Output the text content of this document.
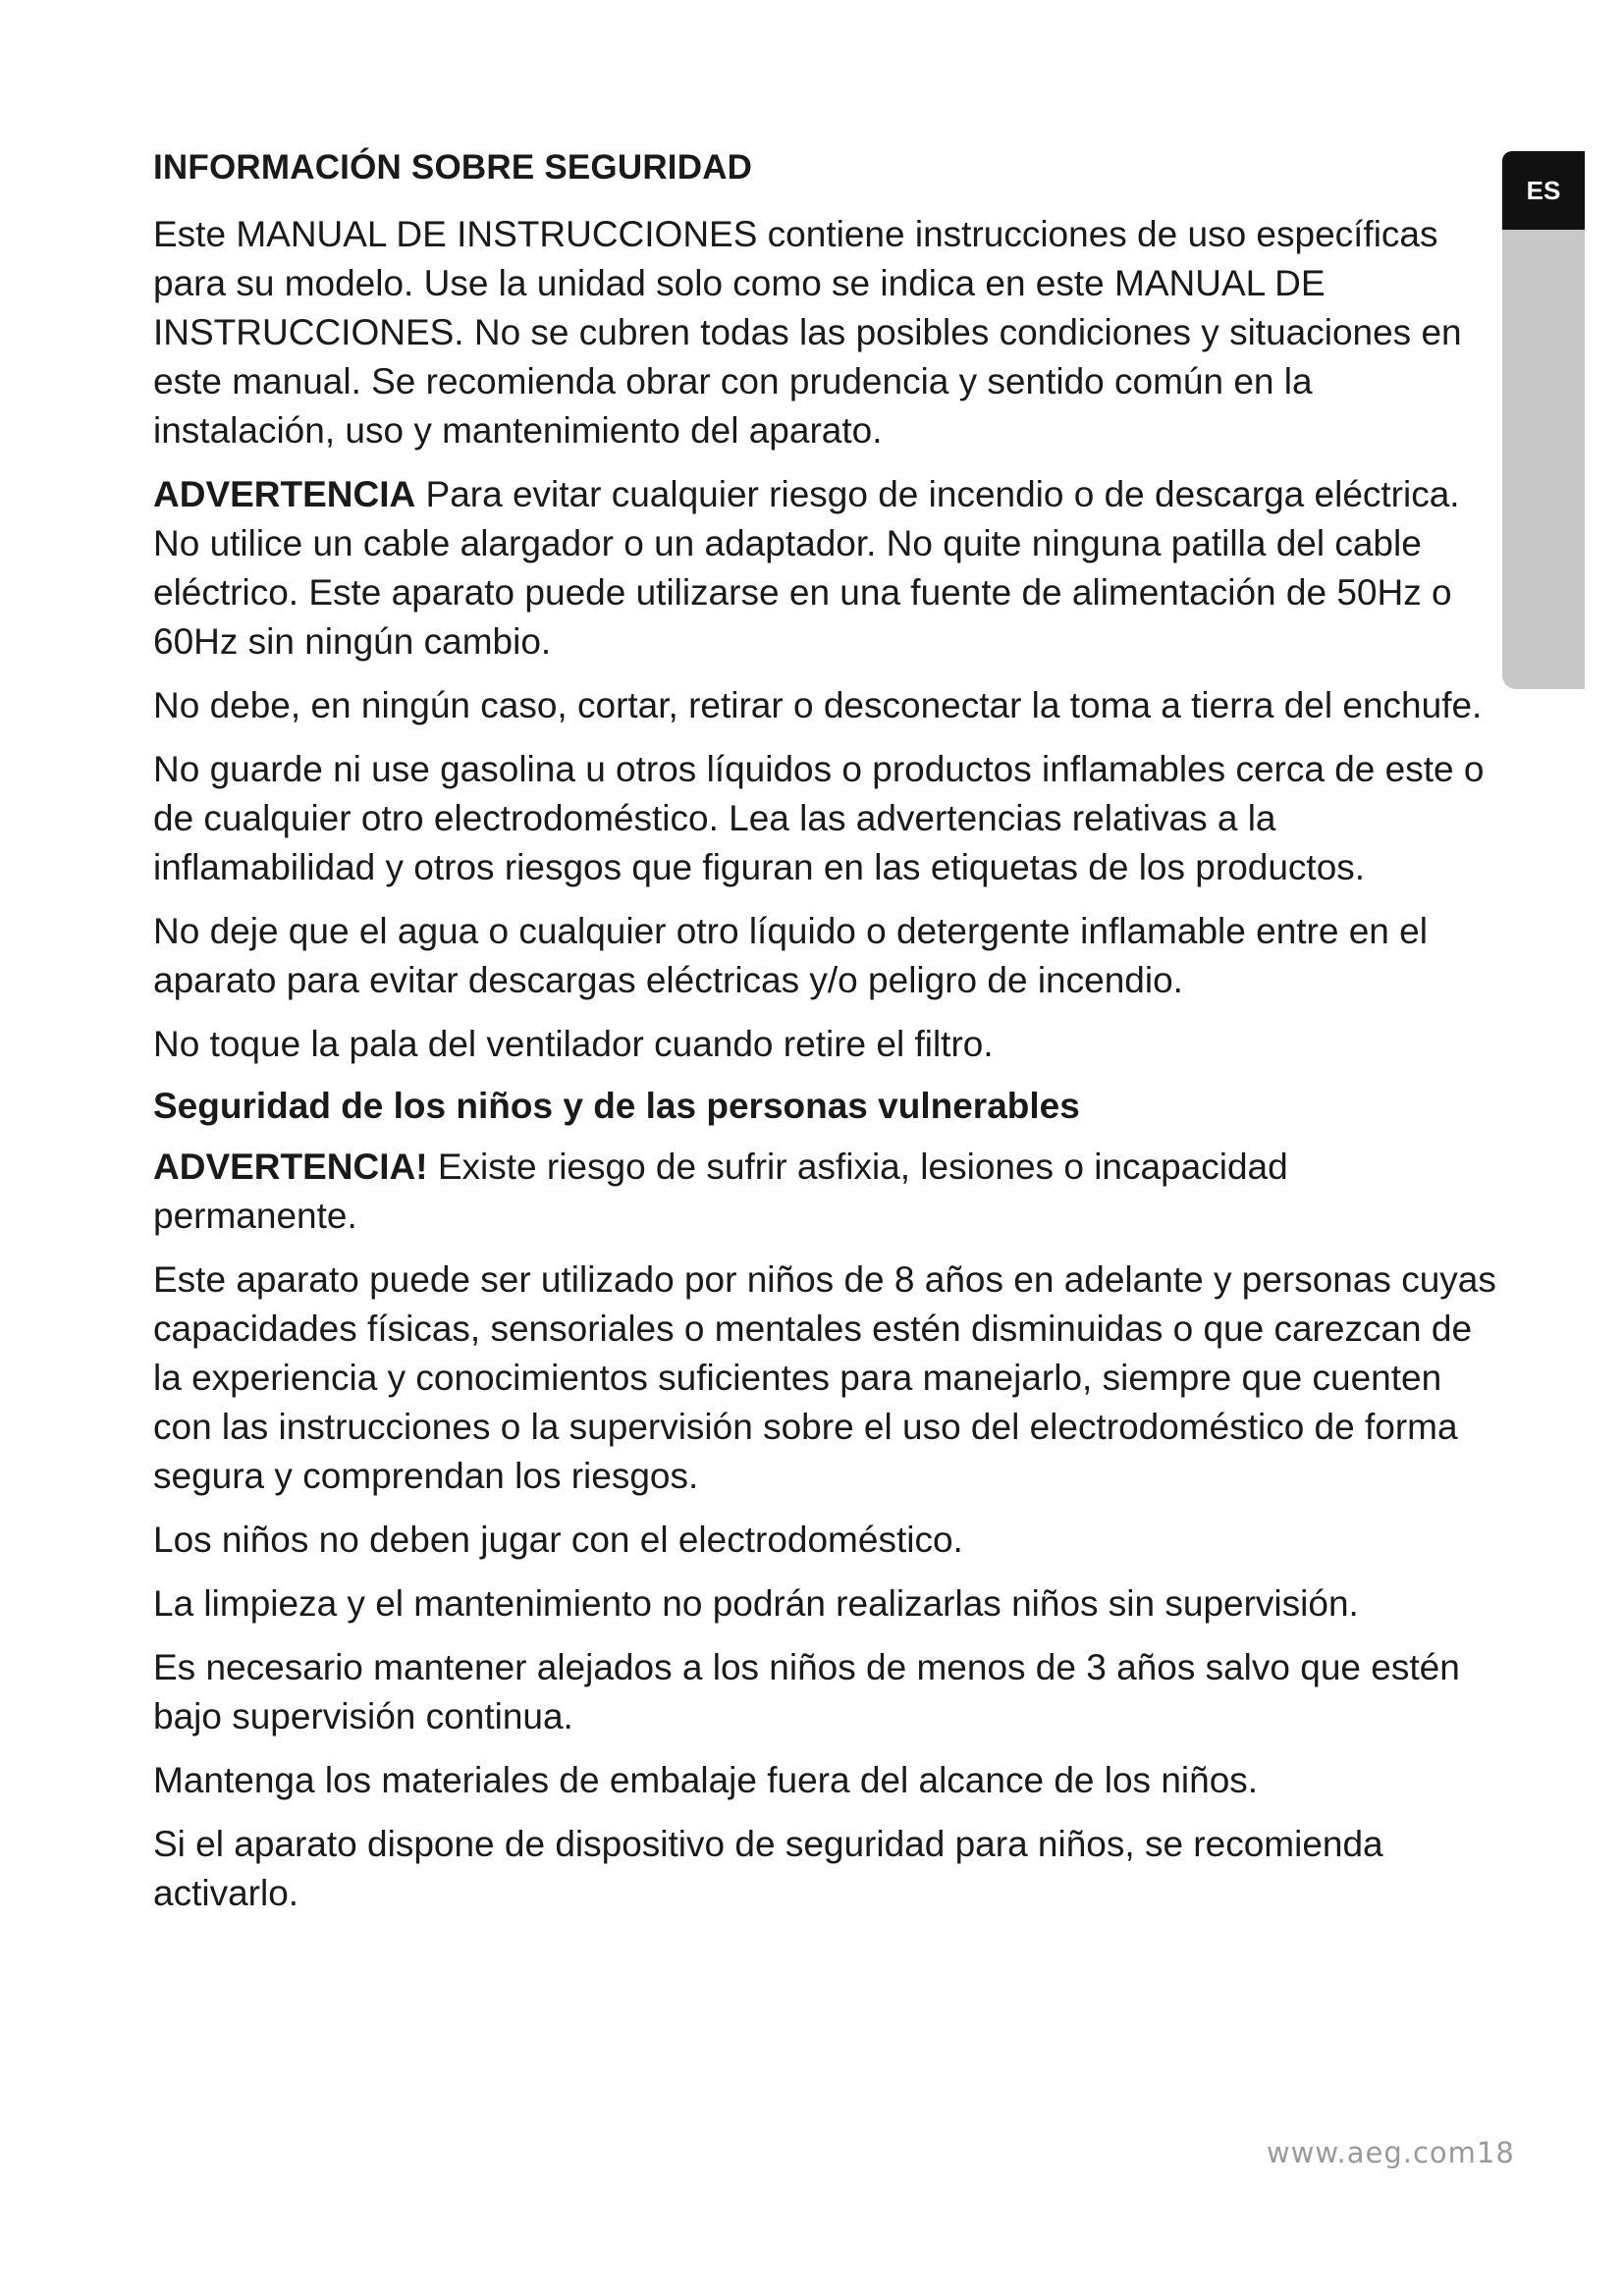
ES
INFORMACIÓN SOBRE SEGURIDAD

Este MANUAL DE INSTRUCCIONES contiene instrucciones de uso específicas para su modelo. Use la unidad solo como se indica en este MANUAL DE INSTRUCCIONES. No se cubren todas las posibles condiciones y situaciones en este manual. Se recomienda obrar con prudencia y sentido común en la instalación, uso y mantenimiento del aparato.

ADVERTENCIA Para evitar cualquier riesgo de incendio o de descarga eléctrica. No utilice un cable alargador o un adaptador. No quite ninguna patilla del cable eléctrico. Este aparato puede utilizarse en una fuente de alimentación de 50Hz o 60Hz sin ningún cambio.

No debe, en ningún caso, cortar, retirar o desconectar la toma a tierra del enchufe.

No guarde ni use gasolina u otros líquidos o productos inflamables cerca de este o de cualquier otro electrodoméstico. Lea las advertencias relativas a la inflamabilidad y otros riesgos que figuran en las etiquetas de los productos.

No deje que el agua o cualquier otro líquido o detergente inflamable entre en el aparato para evitar descargas eléctricas y/o peligro de incendio.

No toque la pala del ventilador cuando retire el filtro.

Seguridad de los niños y de las personas vulnerables

ADVERTENCIA! Existe riesgo de sufrir asfixia, lesiones o incapacidad permanente.

Este aparato puede ser utilizado por niños de 8 años en adelante y personas cuyas capacidades físicas, sensoriales o mentales estén disminuidas o que carezcan de la experiencia y conocimientos suficientes para manejarlo, siempre que cuenten con las instrucciones o la supervisión sobre el uso del electrodoméstico de forma segura y comprendan los riesgos.

Los niños no deben jugar con el electrodoméstico.

La limpieza y el mantenimiento no podrán realizarlas niños sin supervisión.

Es necesario mantener alejados a los niños de menos de 3 años salvo que estén bajo supervisión continua.

Mantenga los materiales de embalaje fuera del alcance de los niños.

Si el aparato dispone de dispositivo de seguridad para niños, se recomienda activarlo.

www.aeg.com18
